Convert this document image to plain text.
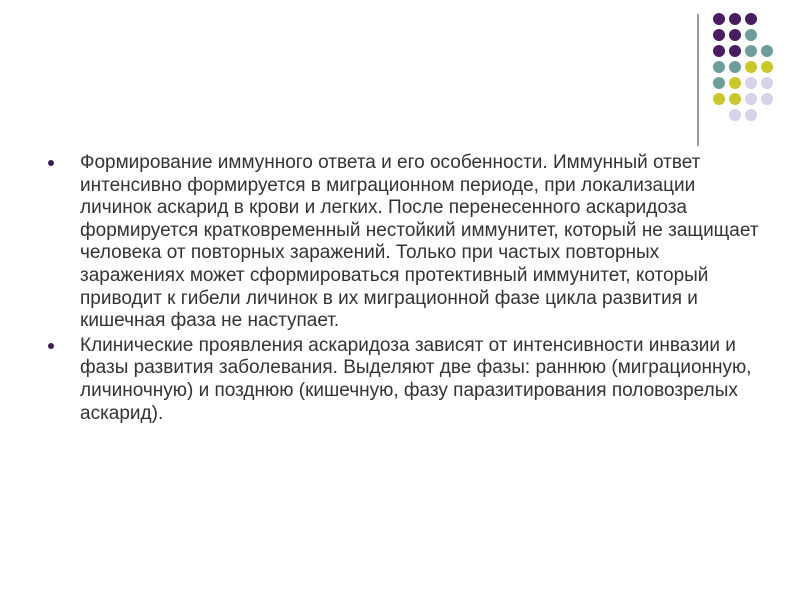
Формирование иммунного ответа и его особенности. Иммунный ответ интенсивно формируется в миграционном периоде, при локализации личинок аскарид в крови и легких. После перенесенного аскаридоза формируется кратковременный нестойкий иммунитет, который не защищает человека от повторных заражений. Только при частых повторных заражениях может сформироваться протективный иммунитет, который приводит к гибели личинок в их миграционной фазе цикла развития и кишечная фаза не наступает.
Клинические проявления аскаридоза зависят от интенсивности инвазии и фазы развития заболевания. Выделяют две фазы: раннюю (миграционную, личиночную) и позднюю (кишечную, фазу паразитирования половозрелых аскарид).
